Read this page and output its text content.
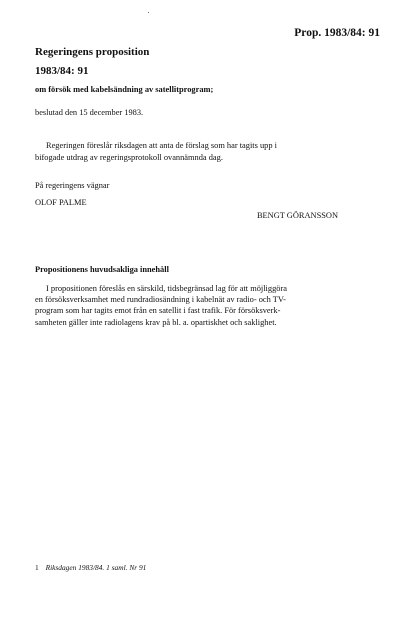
Prop. 1983/84: 91
Regeringens proposition
1983/84: 91
om försök med kabelsändning av satellitprogram;
beslutad den 15 december 1983.

Regeringen föreslår riksdagen att anta de förslag som har tagits upp i

bifogade utdrag av regeringsprotokoll ovannämnda dag.

På regeringens vägnar
OLOF PALME
BENGT GÖRANSSON
Propositionens huvudsakliga innehåll

I propositionen föreslås en särskild, tidsbegränsad lag för att möjliggöra

en försöksverksamhet med rundradiosändning i kabelnät av radio- och TV-

program som har tagits emot från en satellit i fast trafik. För försöksverk-

samheten gäller inte radiolagens krav på bl. a. opartiskhet och saklighet.

1 Riksdagen 1983/84. 1 saml. Nr 91
